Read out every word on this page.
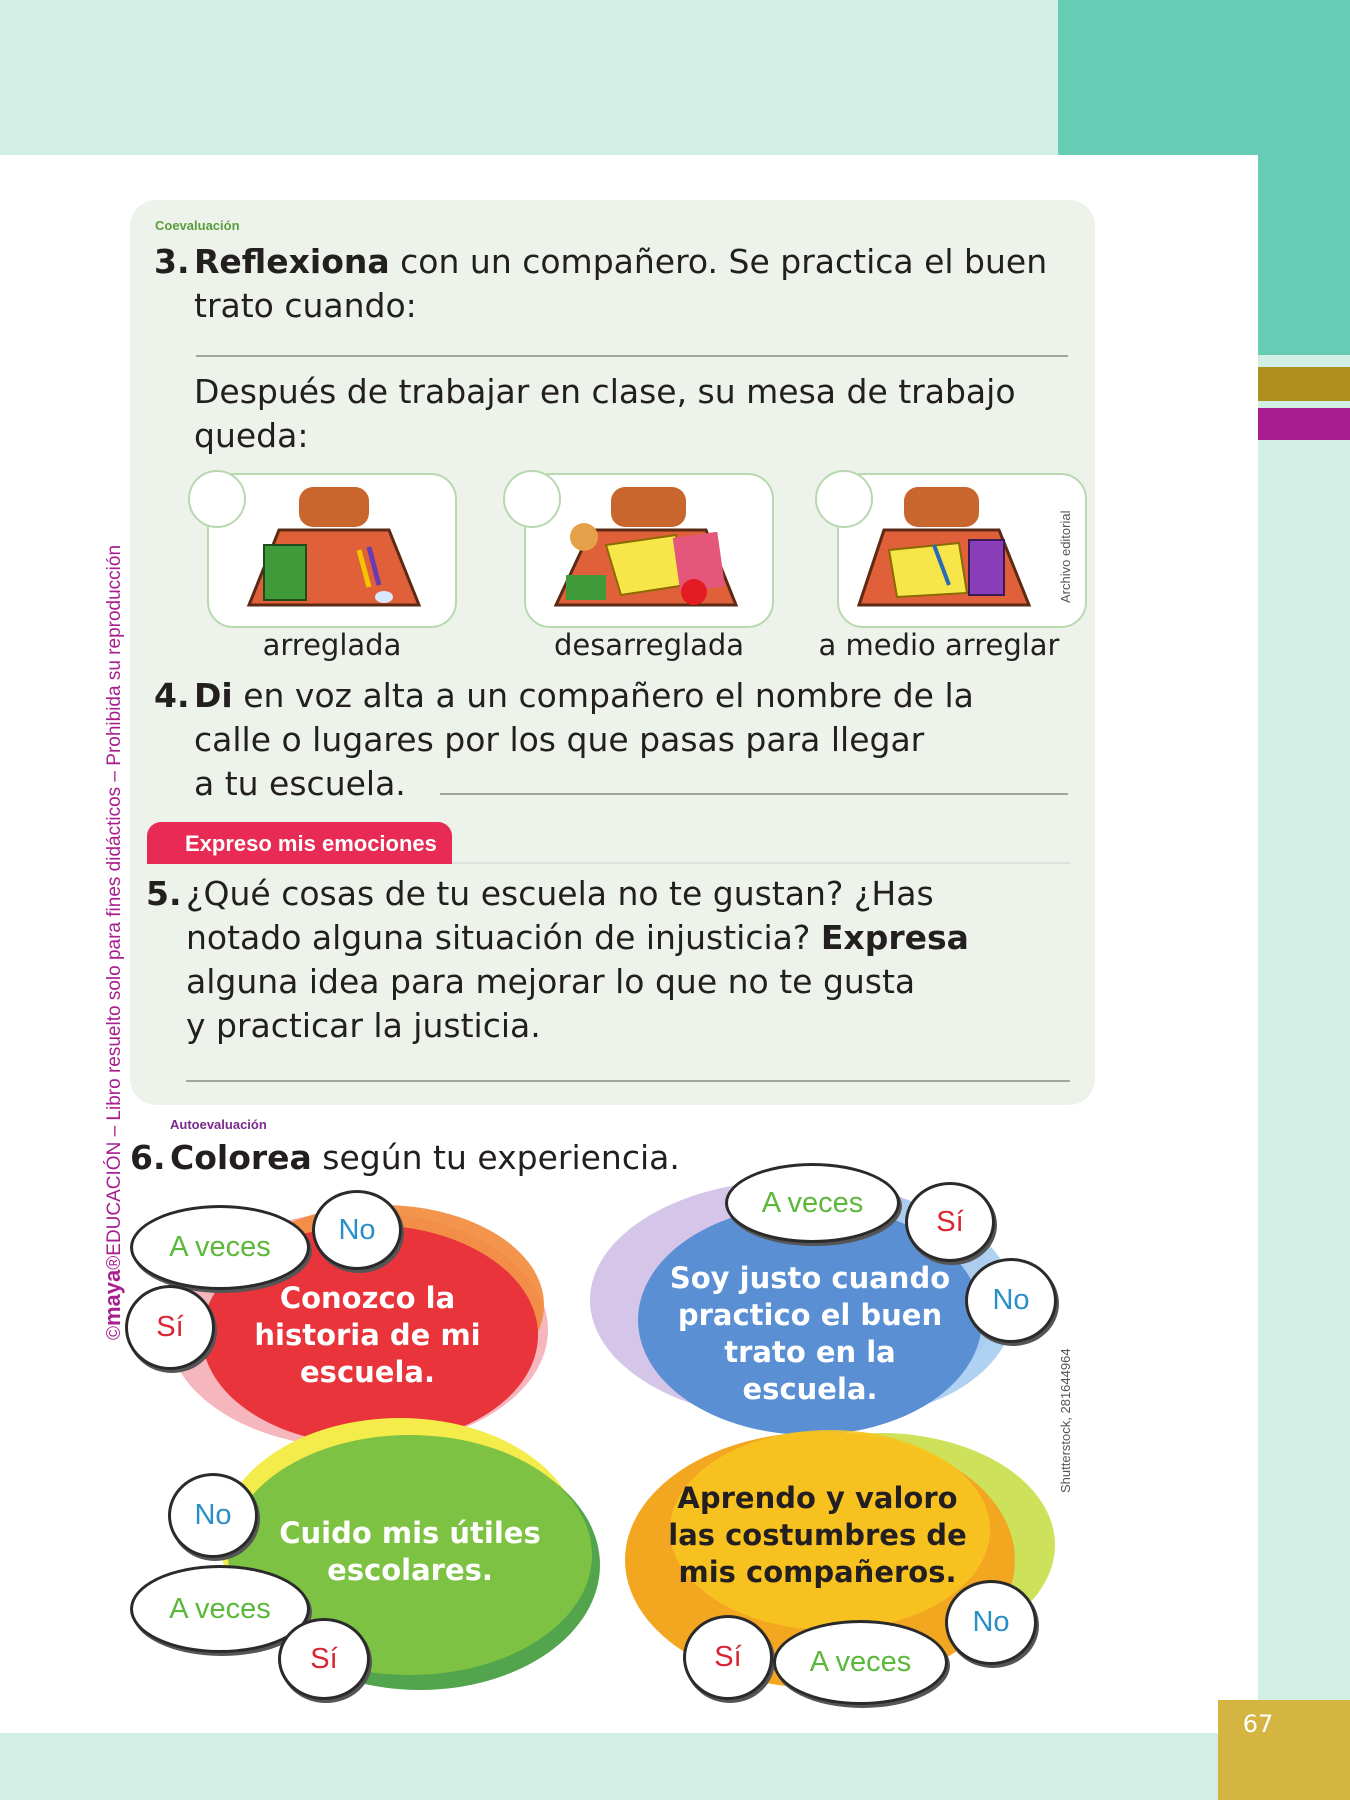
67
©maya®EDUCACIÓN – Libro resuelto solo para fines didácticos – Prohibida su reproducción
Coevaluación
3. Reflexiona con un compañero. Se practica el buen
trato cuando:
Después de trabajar en clase, su mesa de trabajo
queda:
Archivo editorial
arreglada	desarreglada	a medio arreglar
4. Di en voz alta a un compañero el nombre de la
calle o lugares por los que pasas para llegar
a tu escuela.
Expreso mis emociones
5. ¿Qué cosas de tu escuela no te gustan? ¿Has
notado alguna situación de injusticia? Expresa
alguna idea para mejorar lo que no te gusta
y practicar la justicia.
Autoevaluación
6. Colorea según tu experiencia.
Conozco la historia de mi escuela.
Soy justo cuando practico el buen trato en la escuela.
Cuido mis útiles escolares.
Aprendo y valoro las costumbres de mis compañeros.
A veces
No
Sí
A veces
Sí
No
No
A veces
Sí
No
Sí	A veces
Shutterstock, 281644964
